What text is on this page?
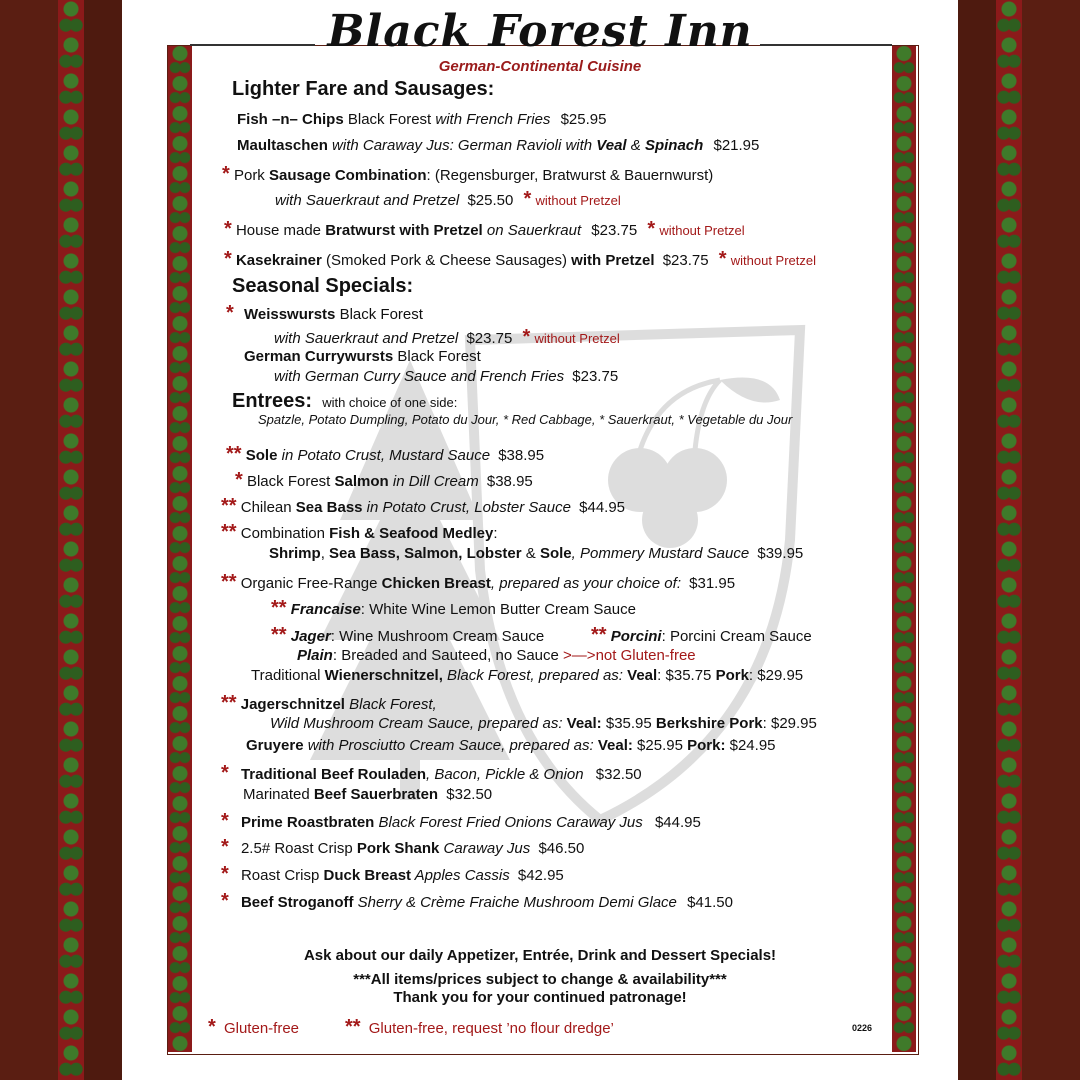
Black Forest Inn
German-Continental Cuisine
Lighter Fare and Sausages:
Fish –n– Chips Black Forest with French Fries $25.95
Maultaschen with Caraway Jus: German Ravioli with Veal & Spinach $21.95
* Pork Sausage Combination: (Regensburger, Bratwurst & Bauernwurst)
with Sauerkraut and Pretzel $25.50 * without Pretzel
* House made Bratwurst with Pretzel on Sauerkraut $23.75 * without Pretzel
* Kasekrainer (Smoked Pork & Cheese Sausages) with Pretzel $23.75 * without Pretzel
Seasonal Specials:
* Weisswursts Black Forest
with Sauerkraut and Pretzel $23.75 * without Pretzel
German Currywursts Black Forest
with German Curry Sauce and French Fries $23.75
Entrees: with choice of one side:
Spatzle, Potato Dumpling, Potato du Jour, * Red Cabbage, * Sauerkraut, * Vegetable du Jour
** Sole in Potato Crust, Mustard Sauce $38.95
* Black Forest Salmon in Dill Cream $38.95
** Chilean Sea Bass in Potato Crust, Lobster Sauce $44.95
** Combination Fish & Seafood Medley:
Shrimp, Sea Bass, Salmon, Lobster & Sole, Pommery Mustard Sauce $39.95
** Organic Free-Range Chicken Breast, prepared as your choice of: $31.95
** Francaise: White Wine Lemon Butter Cream Sauce
** Jager: Wine Mushroom Cream Sauce ** Porcini: Porcini Cream Sauce
Plain: Breaded and Sauteed, no Sauce >—>not Gluten-free
Traditional Wienerschnitzel, Black Forest, prepared as: Veal: $35.75 Pork: $29.95
** Jagerschnitzel Black Forest,
Wild Mushroom Cream Sauce, prepared as: Veal: $35.95 Berkshire Pork: $29.95
Gruyere with Prosciutto Cream Sauce, prepared as: Veal: $25.95 Pork: $24.95
* Traditional Beef Rouladen, Bacon, Pickle & Onion $32.50
Marinated Beef Sauerbraten $32.50
* Prime Roastbraten Black Forest Fried Onions Caraway Jus $44.95
* 2.5# Roast Crisp Pork Shank Caraway Jus $46.50
* Roast Crisp Duck Breast Apples Cassis $42.95
* Beef Stroganoff Sherry & Crème Fraiche Mushroom Demi Glace $41.50
Ask about our daily Appetizer, Entrée, Drink and Dessert Specials!
***All items/prices subject to change & availability***
Thank you for your continued patronage!
* Gluten-free ** Gluten-free, request ’no flour dredge’	0226
